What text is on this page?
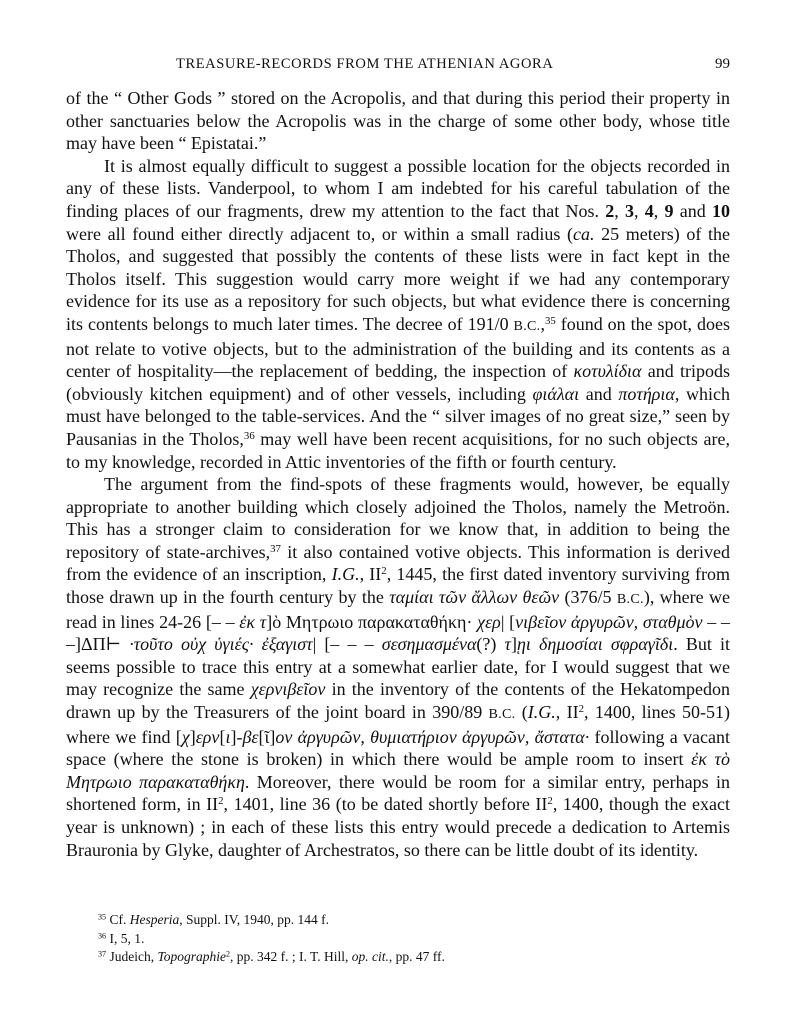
TREASURE-RECORDS FROM THE ATHENIAN AGORA	99

of the “ Other Gods ” stored on the Acropolis, and that during this period their property in other sanctuaries below the Acropolis was in the charge of some other body, whose title may have been “ Epistatai.”

It is almost equally difficult to suggest a possible location for the objects recorded in any of these lists. Vanderpool, to whom I am indebted for his careful tabulation of the finding places of our fragments, drew my attention to the fact that Nos. 2, 3, 4, 9 and 10 were all found either directly adjacent to, or within a small radius (ca. 25 meters) of the Tholos, and suggested that possibly the contents of these lists were in fact kept in the Tholos itself. This suggestion would carry more weight if we had any contemporary evidence for its use as a repository for such objects, but what evidence there is concerning its contents belongs to much later times. The decree of 191/0 B.C.,$^{35}$ found on the spot, does not relate to votive objects, but to the administration of the building and its contents as a center of hospitality—the replacement of bedding, the inspection of κοτυλίδια and tripods (obviously kitchen equipment) and of other vessels, including φιάλαι and ποτήρια, which must have belonged to the table-services. And the “ silver images of no great size,” seen by Pausanias in the Tholos,$^{36}$ may well have been recent acquisitions, for no such objects are, to my knowledge, recorded in Attic inventories of the fifth or fourth century.

The argument from the find-spots of these fragments would, however, be equally appropriate to another building which closely adjoined the Tholos, namely the Metroön. This has a stronger claim to consideration for we know that, in addition to being the repository of state-archives,$^{37}$ it also contained votive objects. This information is derived from the evidence of an inscription, I.G., $II^2$, 1445, the first dated inventory surviving from those drawn up in the fourth century by the ταμίαι τῶν ἄλλων θεῶν (376/5 B.C.), where we read in lines 24-26 [– – ἐκ τ]ὸ Μητρωιο παρακαταθήκη· χερ| [νιβεῖον ἀργυρῶν, σταθμὸν – – –]ΔΠ⊢ ·τοῦτο οὐχ ὑγιές· ἐξαγιστ| [– – – σεσημασμένα(?) τ]ῃι δημοσίαι σφραγῖδι. But it seems possible to trace this entry at a somewhat earlier date, for I would suggest that we may recognize the same χερνιβεῖον in the inventory of the contents of the Hekatompedon drawn up by the Treasurers of the joint board in 390/89 B.C. (I.G., $II^2$, 1400, lines 50-51) where we find [χ]ερν[ι]-βε[ῖ]ον ἀργυρῶν, θυμιατήριον ἀργυρῶν, ἄστατα· following a vacant space (where the stone is broken) in which there would be ample room to insert ἐκ τὸ Μητρωιο παρακαταθήκη. Moreover, there would be room for a similar entry, perhaps in shortened form, in $II^2$, 1401, line 36 (to be dated shortly before $II^2$, 1400, though the exact year is unknown) ; in each of these lists this entry would precede a dedication to Artemis Brauronia by Glyke, daughter of Archestratos, so there can be little doubt of its identity.

$^{35}$ Cf. Hesperia, Suppl. IV, 1940, pp. 144 f.

$^{36}$ I, 5, 1.

$^{37}$ Judeich, Topographie$^2$, pp. 342 f. ; I. T. Hill, op. cit., pp. 47 ff.
